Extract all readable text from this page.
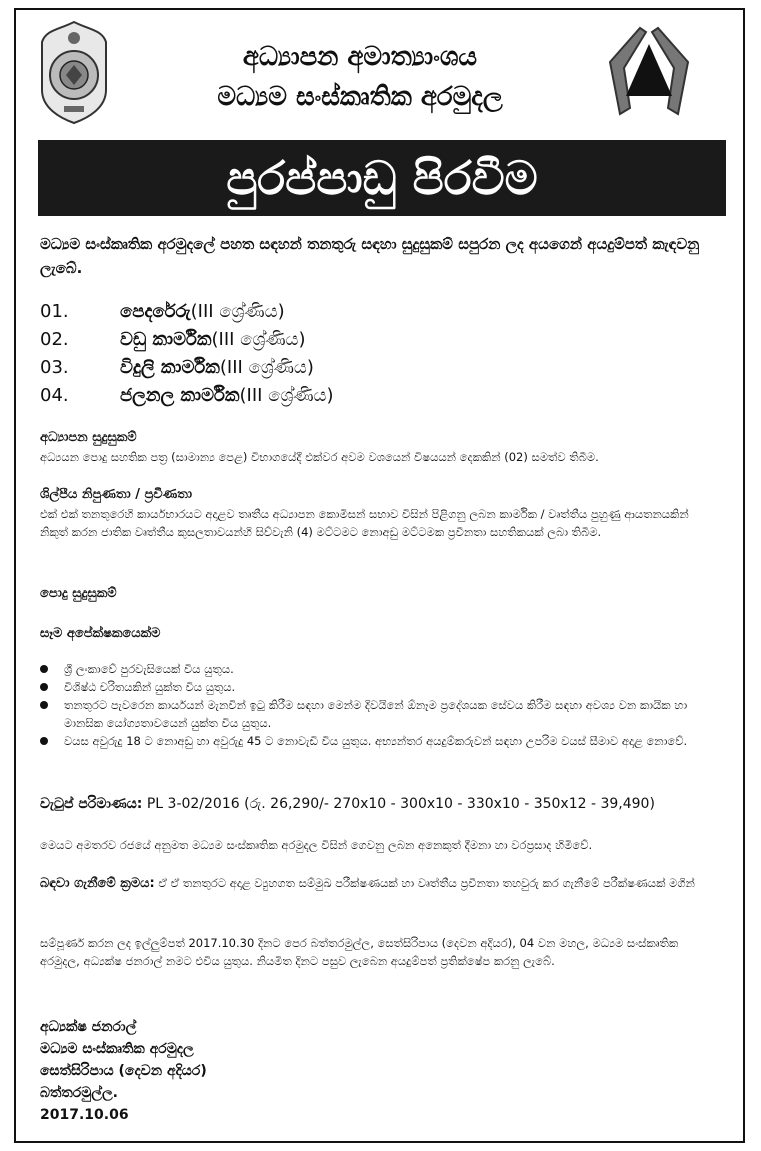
අධ්‍යාපන අමාත්‍යාංශය
මධ්‍යම සංස්කෘතික අරමුදල
පුරප්පාඩු පිරවීම
මධ්‍යම සංස්කෘතික අරමුදලේ පහත සඳහන් තනතුරු සඳහා සුදුසුකම් සපුරන ලද අයගෙන් අයදුම්පත් කැඳවනු ලැබේ.
01.	පෙදරේරු (III ශ්‍රේණිය)
02.	වඩු කාර්මික (III ශ්‍රේණිය)
03.	විදුලි කාර්මික (III ශ්‍රේණිය)
04.	ජලනල කාර්මික (III ශ්‍රේණිය)
අධ්‍යාපන සුදුසුකම්
අධ්‍යයන පොදු සහතික පත්‍ර (සාමාන්‍ය පෙළ) විභාගයේදී එක්වර අවම වශයෙන් විෂයයන් දෙකකින් (02) සමත්ව තිබීම.
ශිල්පීය නිපුණතා / ප්‍රවීණතා
එක් එක් තනතුරෙහි කාර්යභාරයට අදාළව තෘතීය අධ්‍යාපන කොමිසන් සභාව විසින් පිළිගනු ලබන කාර්මික / වෘත්තීය පුහුණු ආයතනයකින් නිකුත් කරන ජාතික වෘත්තීය කුසලතාවයන්හි සිව්වැනි (4) මට්ටමට නොඅඩු මට්ටමක ප්‍රවීනතා සහතිකයක් ලබා තිබීම.
පොදු සුදුසුකම්
සෑම අපේක්ෂකයෙක්ම
ශ්‍රී ලංකාවේ පුරවැසියෙක් විය යුතුය.
විශිෂ්ඨ චරිතයකින් යුක්ත විය යුතුය.
තනතුරට පැවරෙන කාර්යයන් මැනවින් ඉටු කිරීම සඳහා මෙන්ම දිවයිනේ ඕනෑම ප්‍රදේශයක සේවය කිරීම සඳහා අවශ්‍ය වන කායික හා මානසික යෝග්‍යතාවයෙන් යුක්ත විය යුතුය.
වයස අවුරුදු 18 ට නොඅඩු හා අවුරුදු 45 ට නොවැඩි විය යුතුය. අභ්‍යන්තර අයදුම්කරුවන් සඳහා උපරිම වයස් සීමාව අදාළ නොවේ.
වැටුප් පරිමාණය: PL 3-02/2016 (රු. 26,290/- 270x10 - 300x10 - 330x10 - 350x12 - 39,490)
මෙයට අමතරව රජයේ අනුමත මධ්‍යම සංස්කෘතික අරමුදල විසින් ගෙවනු ලබන අනෙකුත් දීමනා හා වරප්‍රසාද හිමිවේ.
බඳවා ගැනීමේ ක්‍රමය: ඒ ඒ තනතුරට අදාළ ව්‍යුහගත සම්මුඛ පරීක්ෂණයක් හා වෘත්තීය ප්‍රවීනතා තහවුරු කර ගැනීමේ පරීක්ෂණයක් මගින්
සම්පූර්ණ කරන ලද ඉල්ලුම්පත් 2017.10.30 දිනට පෙර බත්තරමුල්ල, සෙත්සිරිපාය (දෙවන අදියර), 04 වන මහල, මධ්‍යම සංස්කෘතික අරමුදල, අධ්‍යක්ෂ ජනරාල් නමට එවිය යුතුය. නියමිත දිනට පසුව ලැබෙන අයදුම්පත් ප්‍රතික්ෂේප කරනු ලැබේ.
අධ්‍යක්ෂ ජනරාල්
මධ්‍යම සංස්කෘතික අරමුදල
සෙත්සිරිපාය (දෙවන අදියර)
බත්තරමුල්ල.
2017.10.06
